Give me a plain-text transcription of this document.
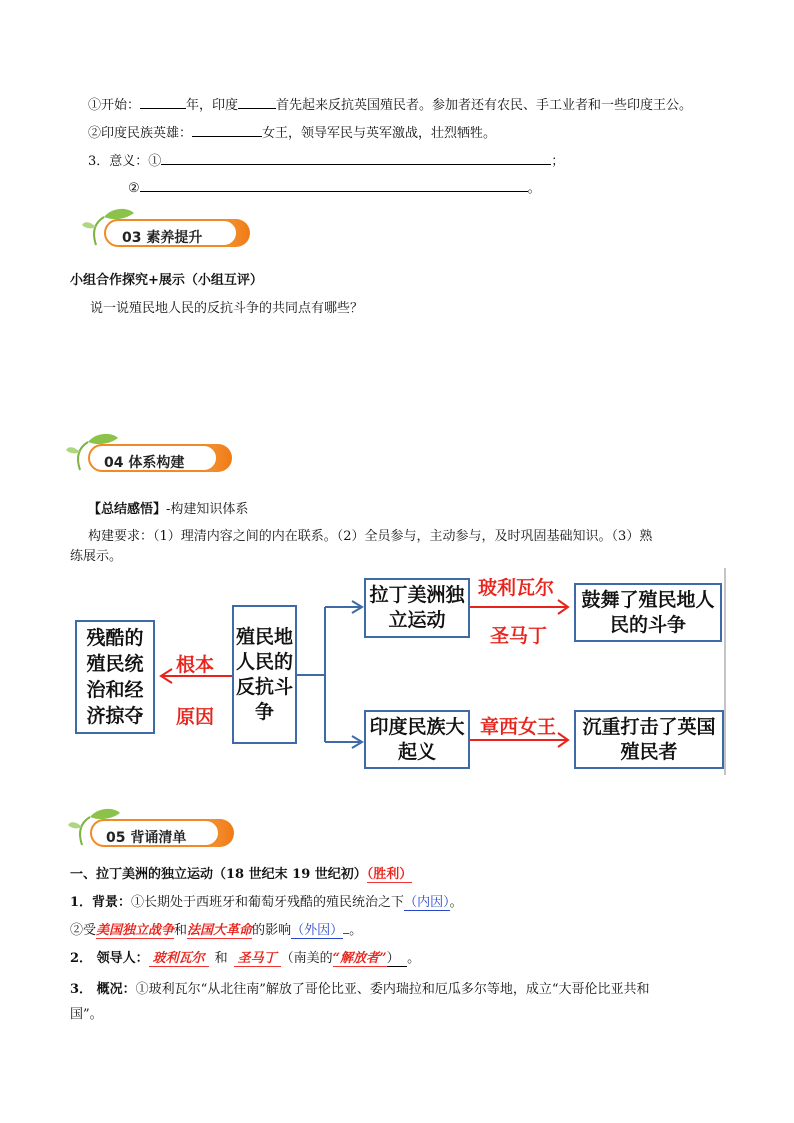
①开始：	年，印度	首先起来反抗英国殖民者。参加者还有农民、手工业者和一些印度王公。
②印度民族英雄：	女王，领导军民与英军激战，壮烈牺牲。
3．意义：①	；
②	。
03 素养提升
小组合作探究+展示（小组互评）
说一说殖民地人民的反抗斗争的共同点有哪些？
04 体系构建
【总结感悟】-构建知识体系
构建要求：（1）理清内容之间的内在联系。（2）全员参与，主动参与，及时巩固基础知识。（3）熟
练展示。
残酷的殖民统治和经济掠夺
根本
原因
殖民地人民的反抗斗争
拉丁美洲独立运动
玻利瓦尔
圣马丁
鼓舞了殖民地人民的斗争
印度民族大起义
章西女王	沉重打击了英国殖民者
05 背诵清单
一、拉丁美洲的独立运动（18 世纪末 19 世纪初）（胜利）
1．背景：①长期处于西班牙和葡萄牙残酷的殖民统治之下（内因）。
②受美国独立战争和法国大革命的影响（外因） 。
2． 领导人： 玻利瓦尔 和 圣马丁 （南美的“解放者”） 。
3． 概况：①玻利瓦尔“从北往南”解放了哥伦比亚、委内瑞拉和厄瓜多尔等地，成立“大哥伦比亚共和
国”。
